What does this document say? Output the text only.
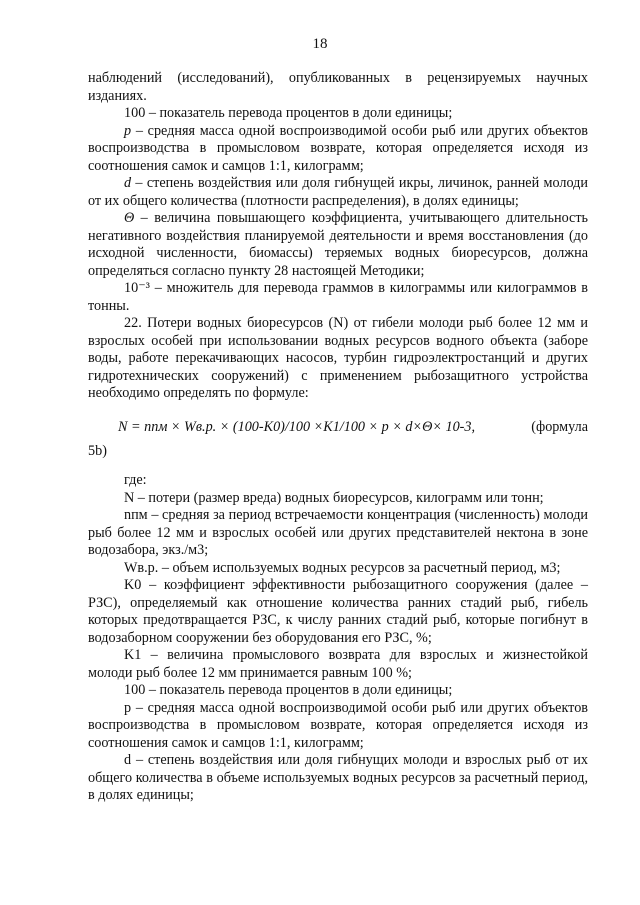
18

наблюдений (исследований), опубликованных в рецензируемых научных изданиях.

100 – показатель перевода процентов в доли единицы;

p – средняя масса одной воспроизводимой особи рыб или других объектов воспроизводства в промысловом возврате, которая определяется исходя из соотношения самок и самцов 1:1, килограмм;

d – степень воздействия или доля гибнущей икры, личинок, ранней молоди от их общего количества (плотности распределения), в долях единицы;

Θ – величина повышающего коэффициента, учитывающего длительность негативного воздействия планируемой деятельности и время восстановления (до исходной численности, биомассы) теряемых водных биоресурсов, должна определяться согласно пункту 28 настоящей Методики;

10⁻³ – множитель для перевода граммов в килограммы или килограммов в тонны.

22. Потери водных биоресурсов (N) от гибели молоди рыб более 12 мм и взрослых особей при использовании водных ресурсов водного объекта (заборе воды, работе перекачивающих насосов, турбин гидроэлектростанций и других гидротехнических сооружений) с применением рыбозащитного устройства необходимо определять по формуле:

N = nпм × Wв.р. × (100-K0)/100 ×K1/100 × p × d×Θ× 10-3,	(формула

5b)

где:

N – потери (размер вреда) водных биоресурсов, килограмм или тонн;

nпм – средняя за период встречаемости концентрация (численность) молоди рыб более 12 мм и взрослых особей или других представителей нектона в зоне водозабора, экз./м3;

Wв.р. – объем используемых водных ресурсов за расчетный период, м3;

K0 – коэффициент эффективности рыбозащитного сооружения (далее – РЗС), определяемый как отношение количества ранних стадий рыб, гибель которых предотвращается РЗС, к числу ранних стадий рыб, которые погибнут в водозаборном сооружении без оборудования его РЗС, %;

K1 – величина промыслового возврата для взрослых и жизнестойкой молоди рыб более 12 мм принимается равным 100 %;

100 – показатель перевода процентов в доли единицы;

p – средняя масса одной воспроизводимой особи рыб или других объектов воспроизводства в промысловом возврате, которая определяется исходя из соотношения самок и самцов 1:1, килограмм;

d – степень воздействия или доля гибнущих молоди и взрослых рыб от их общего количества в объеме используемых водных ресурсов за расчетный период, в долях единицы;
